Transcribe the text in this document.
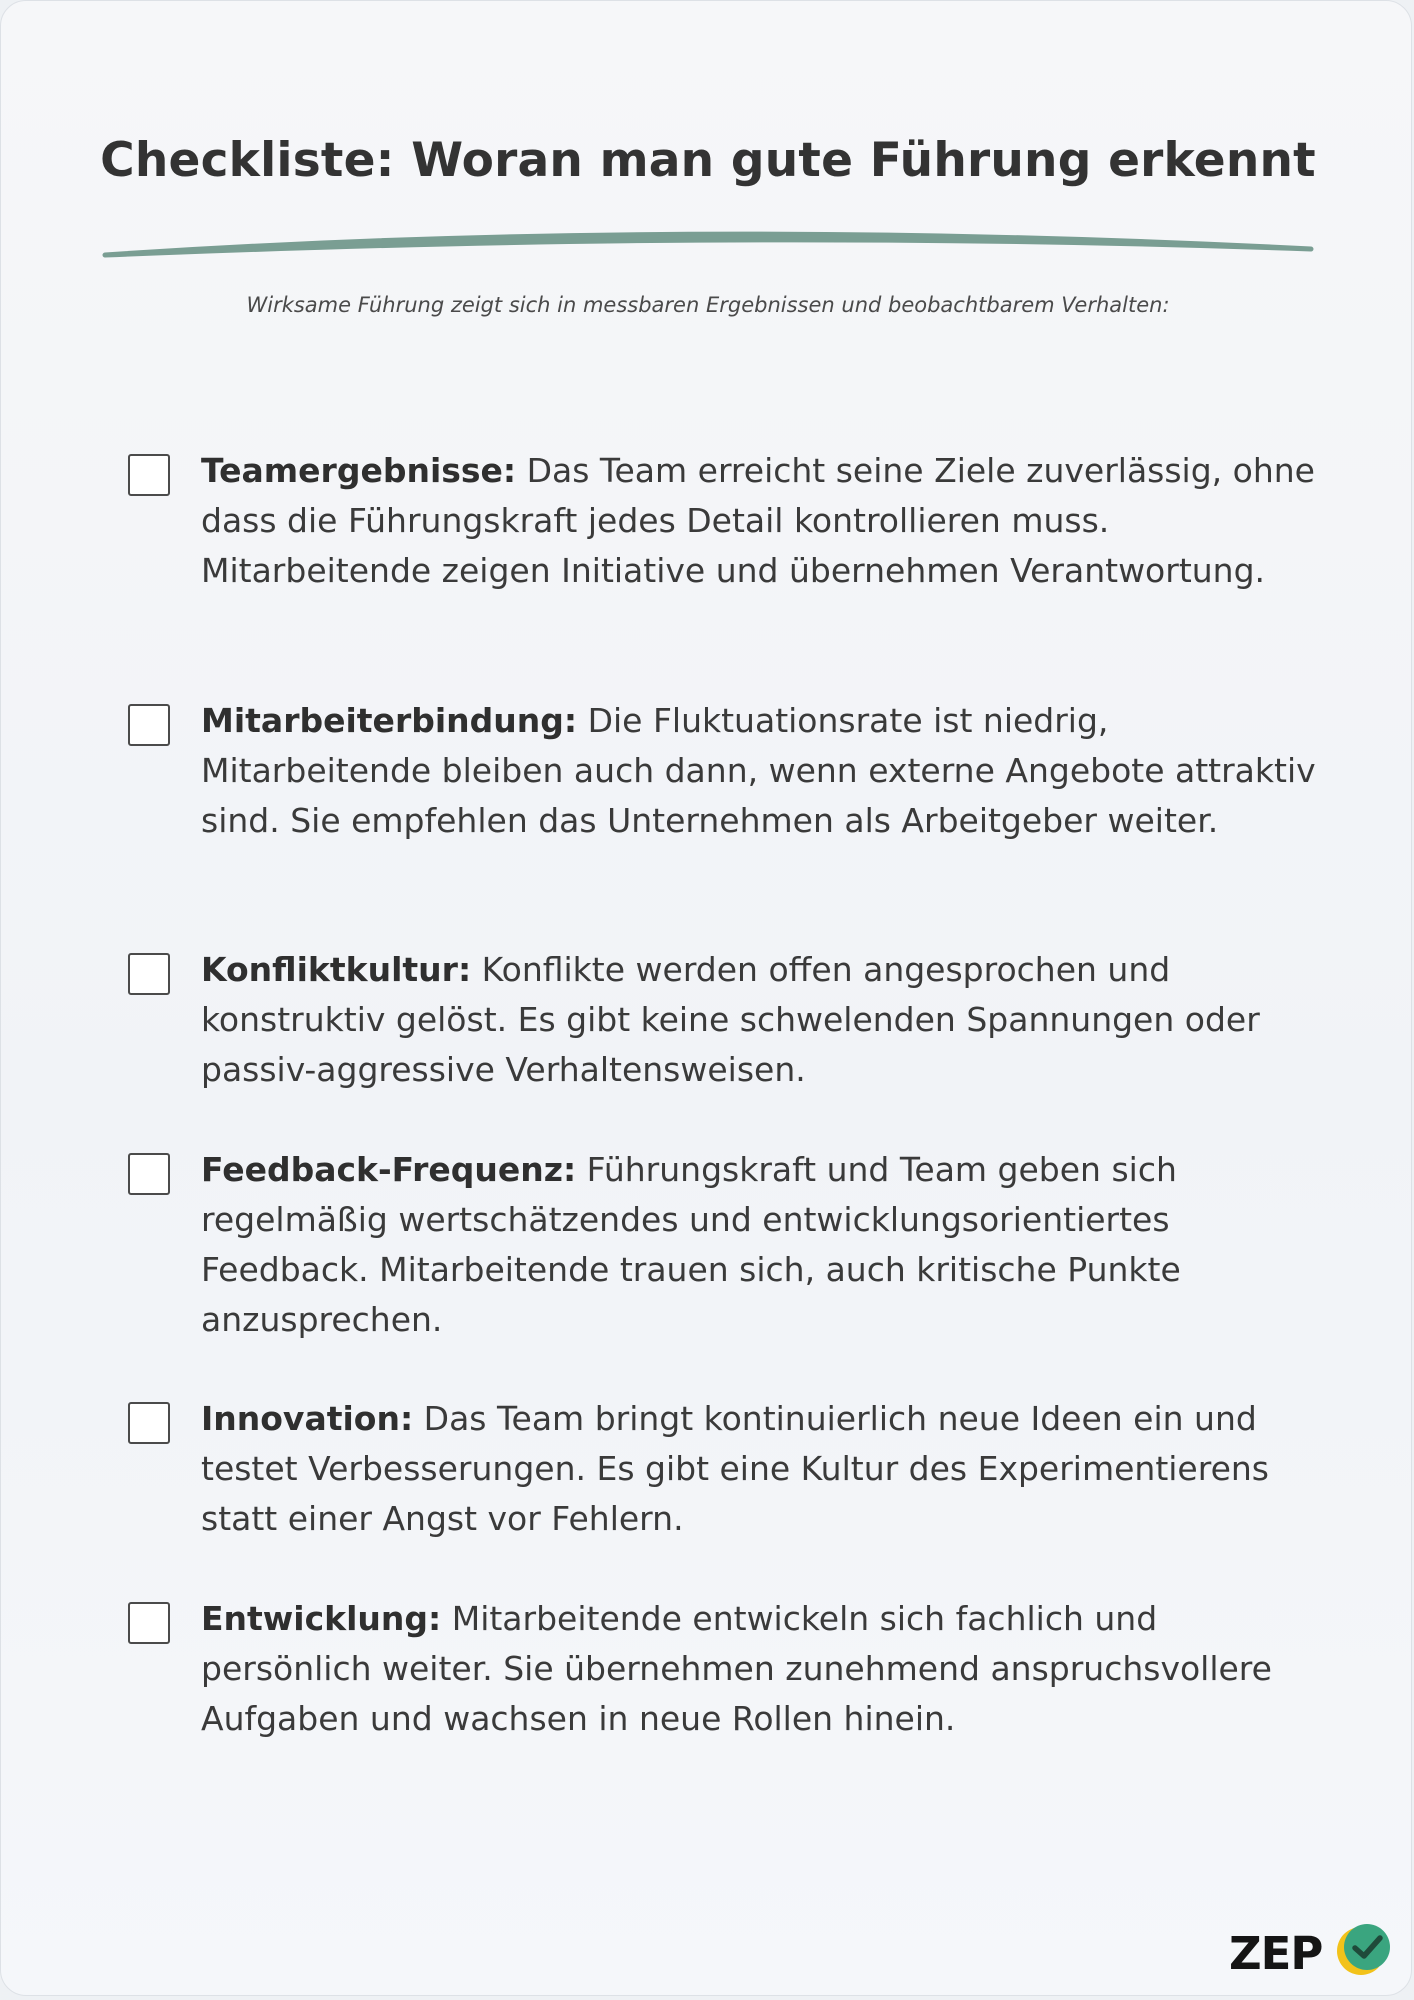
Checkliste: Woran man gute Führung erkennt
Wirksame Führung zeigt sich in messbaren Ergebnissen und beobachtbarem Verhalten:
Teamergebnisse: Das Team erreicht seine Ziele zuverlässig, ohne dass die Führungskraft jedes Detail kontrollieren muss. Mitarbeitende zeigen Initiative und übernehmen Verantwortung.
Mitarbeiterbindung: Die Fluktuationsrate ist niedrig, Mitarbeitende bleiben auch dann, wenn externe Angebote attraktiv sind. Sie empfehlen das Unternehmen als Arbeitgeber weiter.
Konfliktkultur: Konflikte werden offen angesprochen und konstruktiv gelöst. Es gibt keine schwelenden Spannungen oder passiv-aggressive Verhaltensweisen.
Feedback-Frequenz: Führungskraft und Team geben sich regelmäßig wertschätzendes und entwicklungsorientiertes Feedback. Mitarbeitende trauen sich, auch kritische Punkte anzusprechen.
Innovation: Das Team bringt kontinuierlich neue Ideen ein und testet Verbesserungen. Es gibt eine Kultur des Experimentierens statt einer Angst vor Fehlern.
Entwicklung: Mitarbeitende entwickeln sich fachlich und persönlich weiter. Sie übernehmen zunehmend anspruchsvollere Aufgaben und wachsen in neue Rollen hinein.
ZEP
